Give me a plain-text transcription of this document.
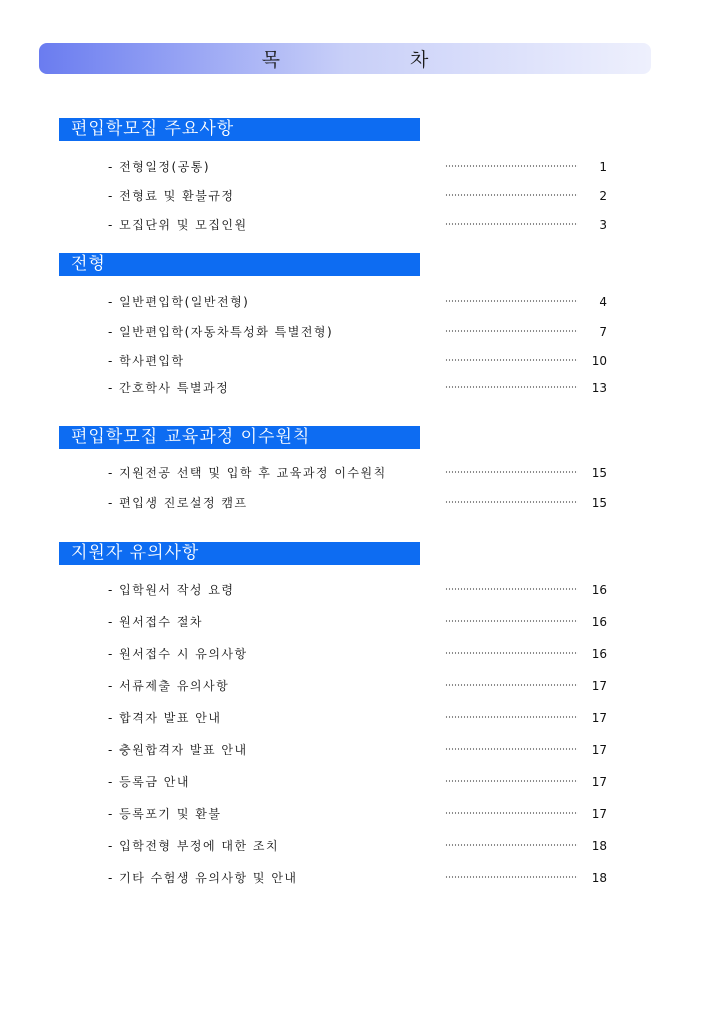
목 차
편입학모집 주요사항
- 전형일정(공통)	1
- 전형료 및 환불규정	2
- 모집단위 및 모집인원	3
전형
- 일반편입학(일반전형)	4
- 일반편입학(자동차특성화 특별전형)	7
- 학사편입학	10
- 간호학사 특별과정	13
편입학모집 교육과정 이수원칙
- 지원전공 선택 및 입학 후 교육과정 이수원칙	15
- 편입생 진로설정 캠프	15
지원자 유의사항
- 입학원서 작성 요령	16
- 원서접수 절차	16
- 원서접수 시 유의사항	16
- 서류제출 유의사항	17
- 합격자 발표 안내	17
- 충원합격자 발표 안내	17
- 등록금 안내	17
- 등록포기 및 환불	17
- 입학전형 부정에 대한 조치	18
- 기타 수험생 유의사항 및 안내	18
